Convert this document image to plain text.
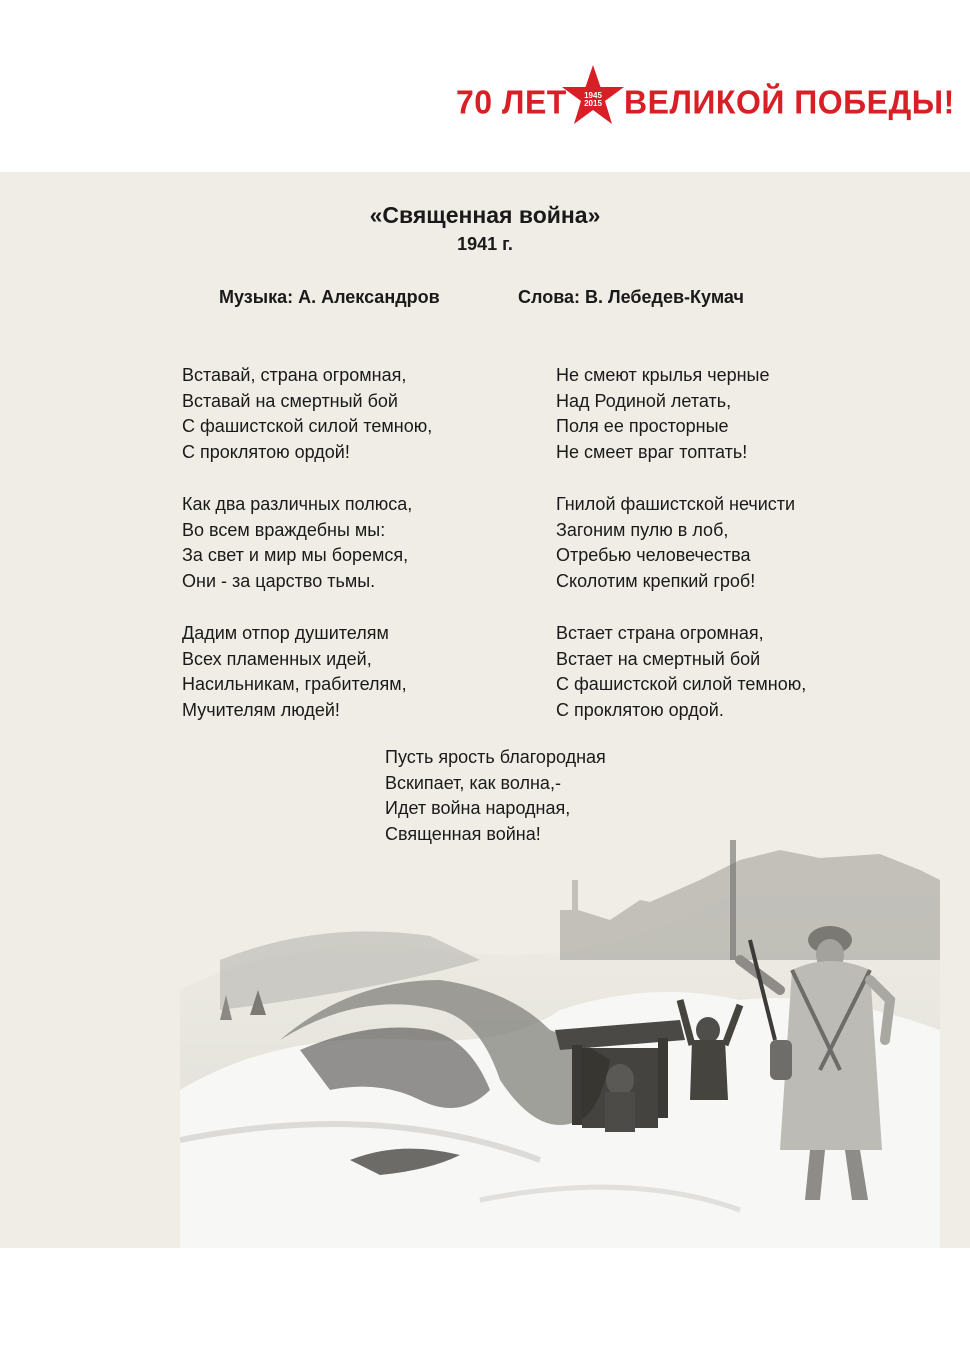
70 ЛЕТ 1945
2015 ВЕЛИКОЙ ПОБЕДЫ!
«Священная война»
1941 г.
Музыка: А. Александров	Слова: В. Лебедев-Кумач
Вставай, страна огромная,
Вставай на смертный бой
С фашистской силой темною,
С проклятою ордой!
Как два различных полюса,
Во всем враждебны мы:
За свет и мир мы боремся,
Они - за царство тьмы.
Дадим отпор душителям
Всех пламенных идей,
Насильникам, грабителям,
Мучителям людей!
Не смеют крылья черные
Над Родиной летать,
Поля ее просторные
Не смеет враг топтать!
Гнилой фашистской нечисти
Загоним пулю в лоб,
Отребью человечества
Сколотим крепкий гроб!
Встает страна огромная,
Встает на смертный бой
С фашистской силой темною,
С проклятою ордой.
Пусть ярость благородная
Вскипает, как волна,-
Идет война народная,
Священная война!
